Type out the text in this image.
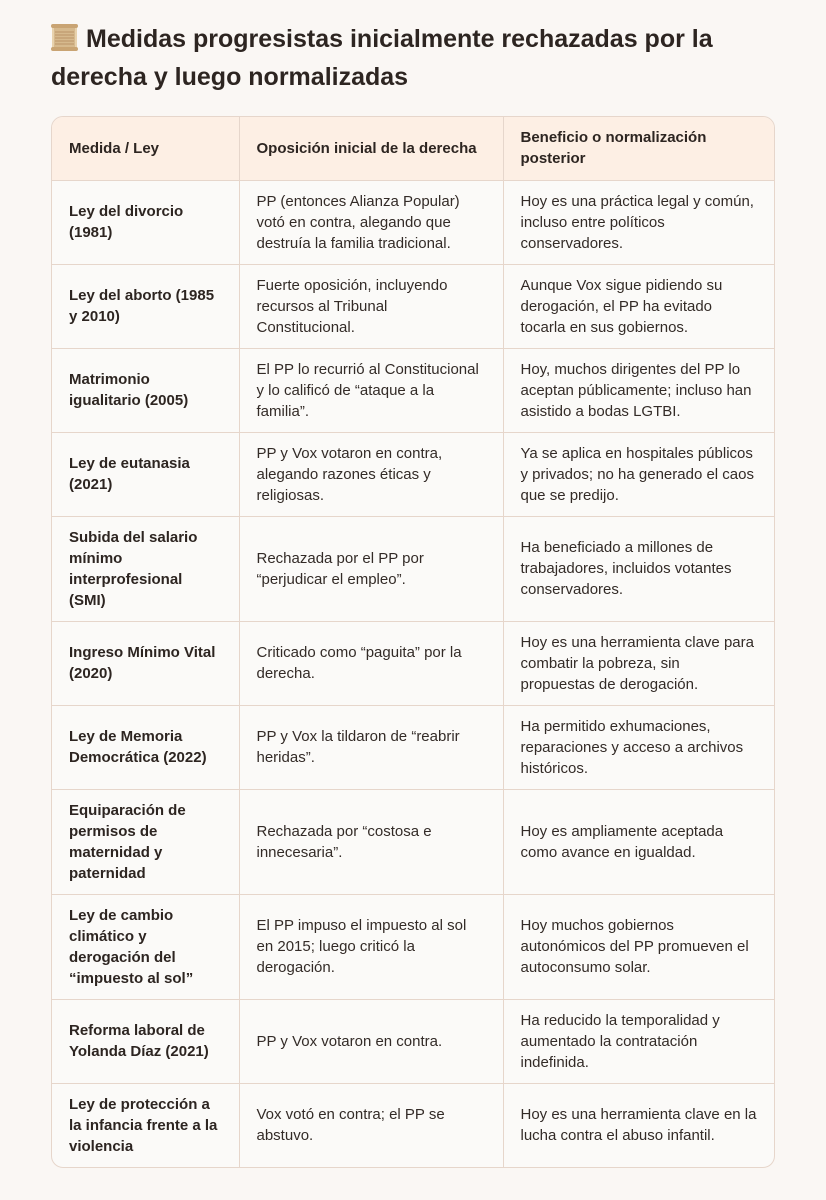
Medidas progresistas inicialmente rechazadas por la derecha y luego normalizadas
Medida / Ley	Oposición inicial de la derecha	Beneficio o normalización posterior
Ley del divorcio (1981)	PP (entonces Alianza Popular) votó en contra, alegando que destruía la familia tradicional.	Hoy es una práctica legal y común, incluso entre políticos conservadores.
Ley del aborto (1985 y 2010)	Fuerte oposición, incluyendo recursos al Tribunal Constitucional.	Aunque Vox sigue pidiendo su derogación, el PP ha evitado tocarla en sus gobiernos.
Matrimonio igualitario (2005)	El PP lo recurrió al Constitucional y lo calificó de “ataque a la familia”.	Hoy, muchos dirigentes del PP lo aceptan públicamente; incluso han asistido a bodas LGTBI.
Ley de eutanasia (2021)	PP y Vox votaron en contra, alegando razones éticas y religiosas.	Ya se aplica en hospitales públicos y privados; no ha generado el caos que se predijo.
Subida del salario mínimo interprofesional (SMI)	Rechazada por el PP por “perjudicar el empleo”.	Ha beneficiado a millones de trabajadores, incluidos votantes conservadores.
Ingreso Mínimo Vital (2020)	Criticado como “paguita” por la derecha.	Hoy es una herramienta clave para combatir la pobreza, sin propuestas de derogación.
Ley de Memoria Democrática (2022)	PP y Vox la tildaron de “reabrir heridas”.	Ha permitido exhumaciones, reparaciones y acceso a archivos históricos.
Equiparación de permisos de maternidad y paternidad	Rechazada por “costosa e innecesaria”.	Hoy es ampliamente aceptada como avance en igualdad.
Ley de cambio climático y derogación del “impuesto al sol”	El PP impuso el impuesto al sol en 2015; luego criticó la derogación.	Hoy muchos gobiernos autonómicos del PP promueven el autoconsumo solar.
Reforma laboral de Yolanda Díaz (2021)	PP y Vox votaron en contra.	Ha reducido la temporalidad y aumentado la contratación indefinida.
Ley de protección a la infancia frente a la violencia	Vox votó en contra; el PP se abstuvo.	Hoy es una herramienta clave en la lucha contra el abuso infantil.
